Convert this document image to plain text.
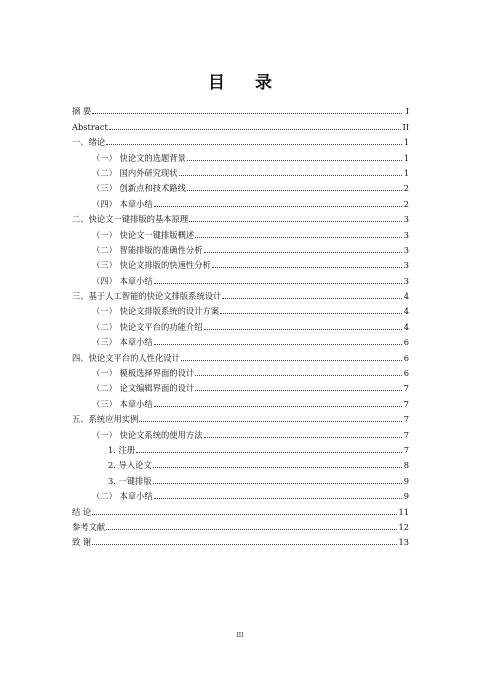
目 录
摘 要	I
Abstract	II
一、绪论	1
（一） 快论文的选题背景	1
（二） 国内外研究现状	1
（三） 创新点和技术路线	2
（四） 本章小结	2
二、快论文一键排版的基本原理	3
（一） 快论文一键排版概述	3
（二） 智能排版的准确性分析	3
（三） 快论文排版的快速性分析	3
（四） 本章小结	3
三、基于人工智能的快论文排版系统设计	4
（一） 快论文排版系统的设计方案	4
（二） 快论文平台的功能介绍	4
（三） 本章小结	6
四、快论文平台的人性化设计	6
（一） 模板选择界面的设计	6
（二） 论文编辑界面的设计	7
（三） 本章小结	7
五、系统应用实例	7
（一） 快论文系统的使用方法	7
1. 注册	7
2. 导入论文	8
3. 一键排版	9
（二） 本章小结	9
结 论	11
参考文献	12
致 谢	13
III
